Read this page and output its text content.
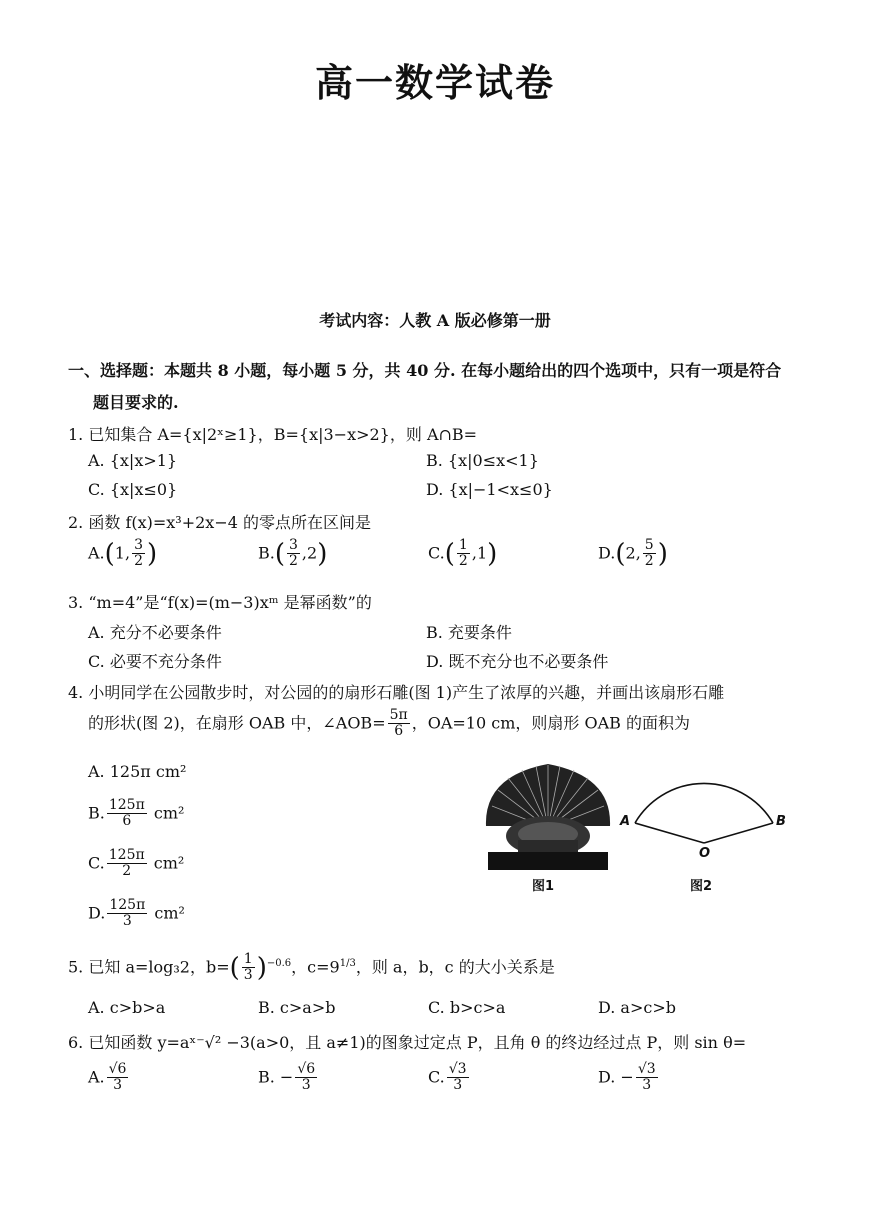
高一数学试卷
考试内容：人教 A 版必修第一册
一、选择题：本题共 8 小题，每小题 5 分，共 40 分. 在每小题给出的四个选项中，只有一项是符合
题目要求的.
1. 已知集合 A={x|2ˣ≥1}，B={x|3−x>2}，则 A∩B=
A. {x|x>1}	B. {x|0≤x<1}
C. {x|x≤0}	D. {x|−1<x≤0}
2. 函数 f(x)=x³+2x−4 的零点所在区间是
A.(1, $\frac{3}{2}$ )	$B.( \frac{3}{2} ,2)$	$C.( \frac{1}{2} ,1)$	D.(2, $\frac{5}{2}$ )
3. “m=4”是“f(x)=(m−3)xᵐ 是幂函数”的
A. 充分不必要条件	B. 充要条件
C. 必要不充分条件	D. 既不充分也不必要条件
4. 小明同学在公园散步时，对公园的的扇形石雕(图 1)产生了浓厚的兴趣，并画出该扇形石雕
的形状(图 2)，在扇形 OAB 中，∠AOB= $\frac{5\pi}{6}$ ，OA=10 cm，则扇形 OAB 的面积为
A. 125π cm²
B. $\frac{125\pi}{6} cm^2$
C. $\frac{125\pi}{2} cm^2$
D. $\frac{125\pi}{3} cm^2$
图1
A	B
O
图2
5. 已知 a=log₃2，$b=( \frac{1}{3} )^{-0.6}$，$c=9^{1/3}$，则 a，b，c 的大小关系是
A. c>b>a	B. c>a>b	C. b>c>a	D. a>c>b
6. 已知函数 y=aˣ⁻√² −3(a>0，且 a≠1)的图象过定点 P，且角 θ 的终边经过点 P，则 sin θ=
A. $\frac{√6}{3}$	B. − $\frac{√6}{3}$	C. $\frac{√3}{3}$	D. − $\frac{√3}{3}$
